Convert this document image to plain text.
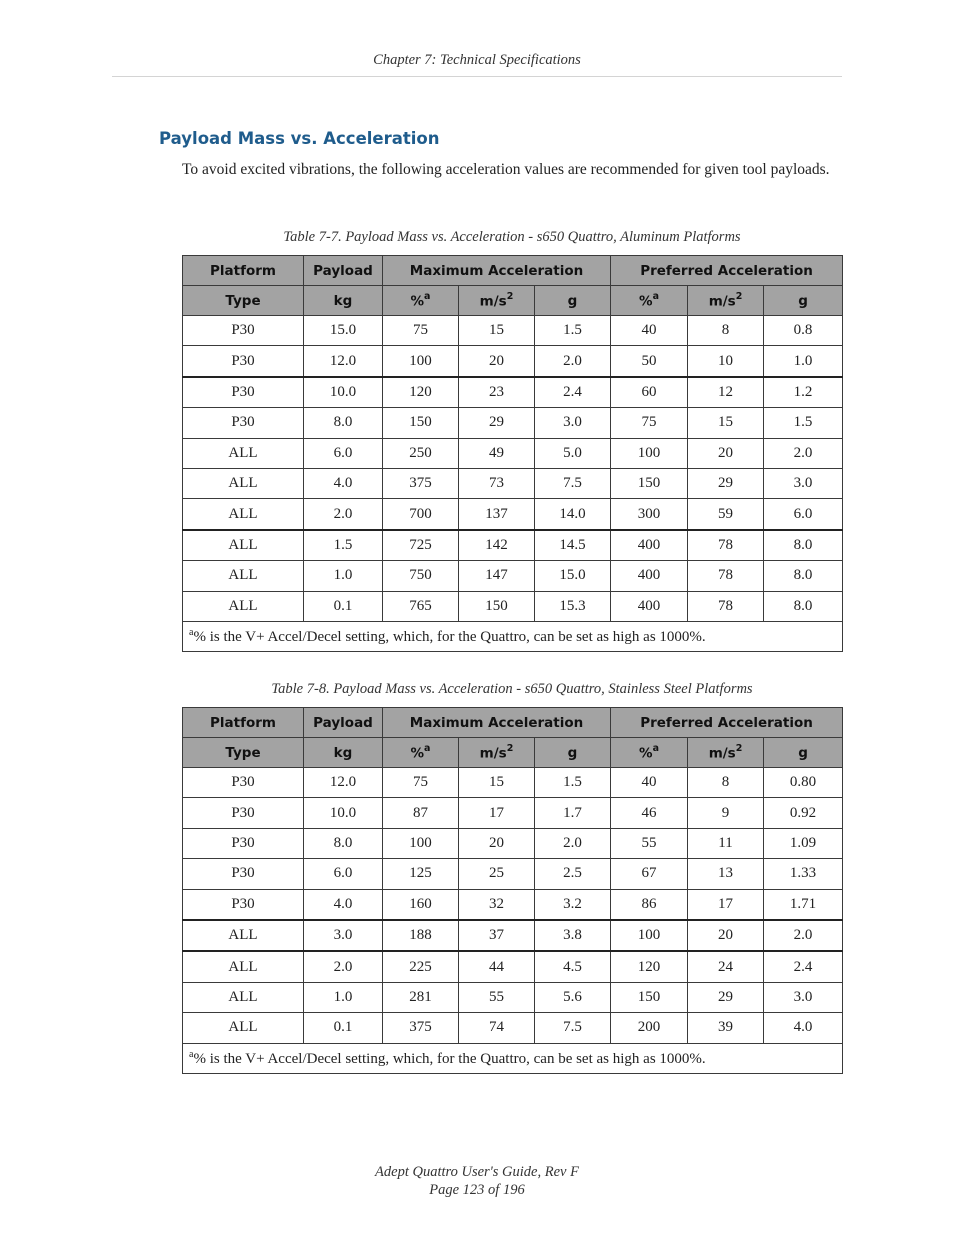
Chapter 7: Technical Specifications
Payload Mass vs. Acceleration

To avoid excited vibrations, the following acceleration values are recommended for given tool payloads.

Table 7-7. Payload Mass vs. Acceleration - s650 Quattro, Aluminum Platforms
Platform	Payload	Maximum Acceleration			Preferred Acceleration		
Type	kg	%$^a$	$m/s^2$	g	%$^a$	$m/s^2$	g
P30	15.0	75	15	1.5	40	8	0.8
P30	12.0	100	20	2.0	50	10	1.0
P30	10.0	120	23	2.4	60	12	1.2
P30	8.0	150	29	3.0	75	15	1.5
ALL	6.0	250	49	5.0	100	20	2.0
ALL	4.0	375	73	7.5	150	29	3.0
ALL	2.0	700	137	14.0	300	59	6.0
ALL	1.5	725	142	14.5	400	78	8.0
ALL	1.0	750	147	15.0	400	78	8.0
ALL	0.1	765	150	15.3	400	78	8.0
$^a$% is the V+ Accel/Decel setting, which, for the Quattro, can be set as high as 1000%.							
Table 7-8. Payload Mass vs. Acceleration - s650 Quattro, Stainless Steel Platforms
Platform	Payload	Maximum Acceleration			Preferred Acceleration		
Type	kg	%$^a$	$m/s^2$	g	%$^a$	$m/s^2$	g
P30	12.0	75	15	1.5	40	8	0.80
P30	10.0	87	17	1.7	46	9	0.92
P30	8.0	100	20	2.0	55	11	1.09
P30	6.0	125	25	2.5	67	13	1.33
P30	4.0	160	32	3.2	86	17	1.71
ALL	3.0	188	37	3.8	100	20	2.0
ALL	2.0	225	44	4.5	120	24	2.4
ALL	1.0	281	55	5.6	150	29	3.0
ALL	0.1	375	74	7.5	200	39	4.0
$^a$% is the V+ Accel/Decel setting, which, for the Quattro, can be set as high as 1000%.							
Adept Quattro User's Guide, Rev F
Page 123 of 196
